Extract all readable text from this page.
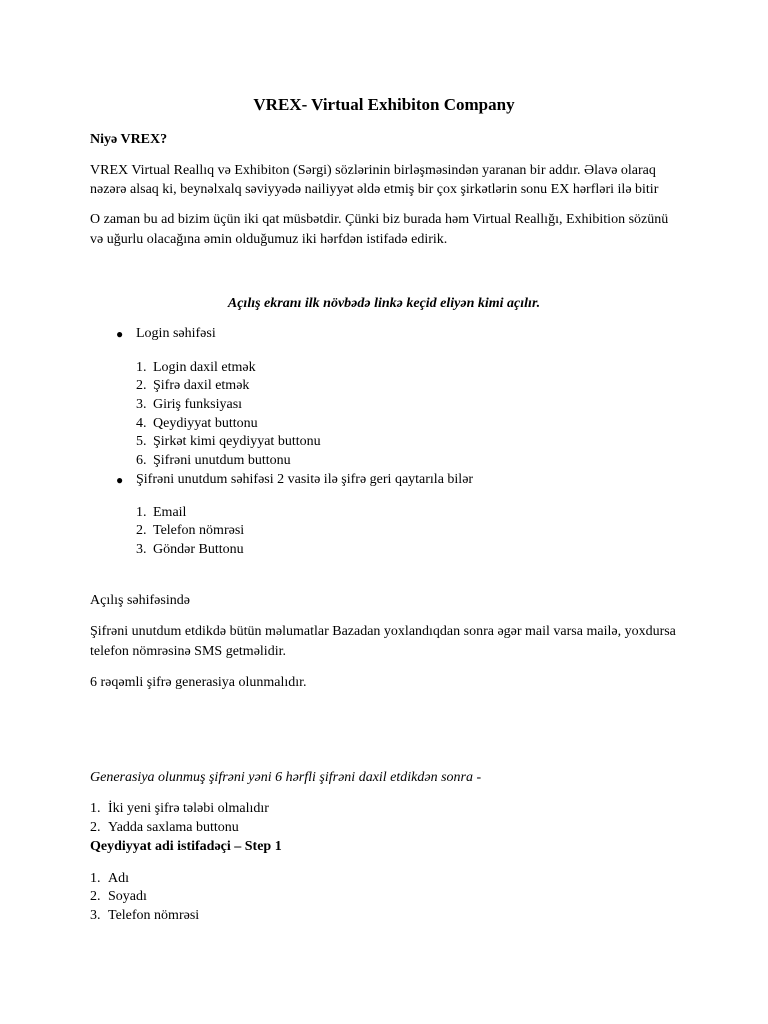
VREX- Virtual Exhibiton Company
Niyə VREX?
VREX Virtual Reallıq və Exhibiton (Sərgi) sözlərinin birləşməsindən yaranan bir addır. Əlavə olaraq
nəzərə alsaq ki, beynəlxalq səviyyədə nailiyyət əldə etmiş bir çox şirkətlərin sonu EX hərfləri ilə bitir
O zaman bu ad bizim üçün iki qat müsbətdir. Çünki biz burada həm Virtual Reallığı, Exhibition sözünü
və uğurlu olacağına əmin olduğumuz iki hərfdən istifadə edirik.
Açılış ekranı ilk növbədə linkə keçid eliyən kimi açılır.
● Login səhifəsi
1. Login daxil etmək
2. Şifrə daxil etmək
3. Giriş funksiyası
4. Qeydiyyat buttonu
5. Şirkət kimi qeydiyyat buttonu
6. Şifrəni unutdum buttonu
● Şifrəni unutdum səhifəsi 2 vasitə ilə şifrə geri qaytarıla bilər
1. Email
2. Telefon nömrəsi
3. Göndər Buttonu
Açılış səhifəsində
Şifrəni unutdum etdikdə bütün məlumatlar Bazadan yoxlandıqdan sonra əgər mail varsa mailə, yoxdursa
telefon nömrəsinə SMS getməlidir.
6 rəqəmli şifrə generasiya olunmalıdır.
Generasiya olunmuş şifrəni yəni 6 hərfli şifrəni daxil etdikdən sonra -
1. İki yeni şifrə tələbi olmalıdır
2. Yadda saxlama buttonu
Qeydiyyat adi istifadəçi – Step 1
1. Adı
2. Soyadı
3. Telefon nömrəsi
